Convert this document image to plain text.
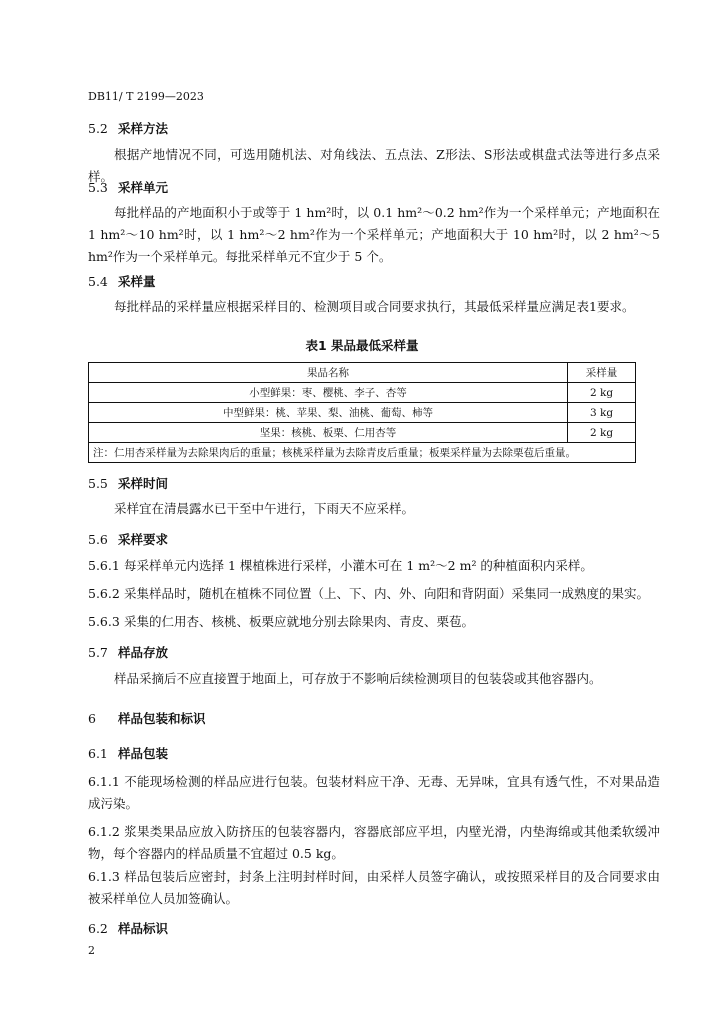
DB11/ T 2199—2023
5.2 采样方法
根据产地情况不同，可选用随机法、对角线法、五点法、Z形法、S形法或棋盘式法等进行多点采样。
5.3 采样单元
每批样品的产地面积小于或等于 1 hm²时，以 0.1 hm²～0.2 hm²作为一个采样单元；产地面积在 1 hm²～10 hm²时，以 1 hm²～2 hm²作为一个采样单元；产地面积大于 10 hm²时，以 2 hm²～5 hm²作为一个采样单元。每批采样单元不宜少于 5 个。
5.4 采样量
每批样品的采样量应根据采样目的、检测项目或合同要求执行，其最低采样量应满足表1要求。
表1 果品最低采样量
果品名称	采样量
小型鲜果：枣、樱桃、李子、杏等	2 kg
中型鲜果：桃、苹果、梨、油桃、葡萄、柿等	3 kg
坚果：核桃、板栗、仁用杏等	2 kg
注：仁用杏采样量为去除果肉后的重量；核桃采样量为去除青皮后重量；板栗采样量为去除栗苞后重量。	
5.5 采样时间
采样宜在清晨露水已干至中午进行，下雨天不应采样。
5.6 采样要求
5.6.1 每采样单元内选择 1 棵植株进行采样，小灌木可在 1 m²～2 m² 的种植面积内采样。
5.6.2 采集样品时，随机在植株不同位置（上、下、内、外、向阳和背阴面）采集同一成熟度的果实。
5.6.3 采集的仁用杏、核桃、板栗应就地分别去除果肉、青皮、栗苞。
5.7 样品存放
样品采摘后不应直接置于地面上，可存放于不影响后续检测项目的包装袋或其他容器内。
6 样品包装和标识
6.1 样品包装
6.1.1 不能现场检测的样品应进行包装。包装材料应干净、无毒、无异味，宜具有透气性，不对果品造成污染。
6.1.2 浆果类果品应放入防挤压的包装容器内，容器底部应平坦，内壁光滑，内垫海绵或其他柔软缓冲物，每个容器内的样品质量不宜超过 0.5 kg。
6.1.3 样品包装后应密封，封条上注明封样时间，由采样人员签字确认，或按照采样目的及合同要求由被采样单位人员加签确认。
6.2 样品标识
2
